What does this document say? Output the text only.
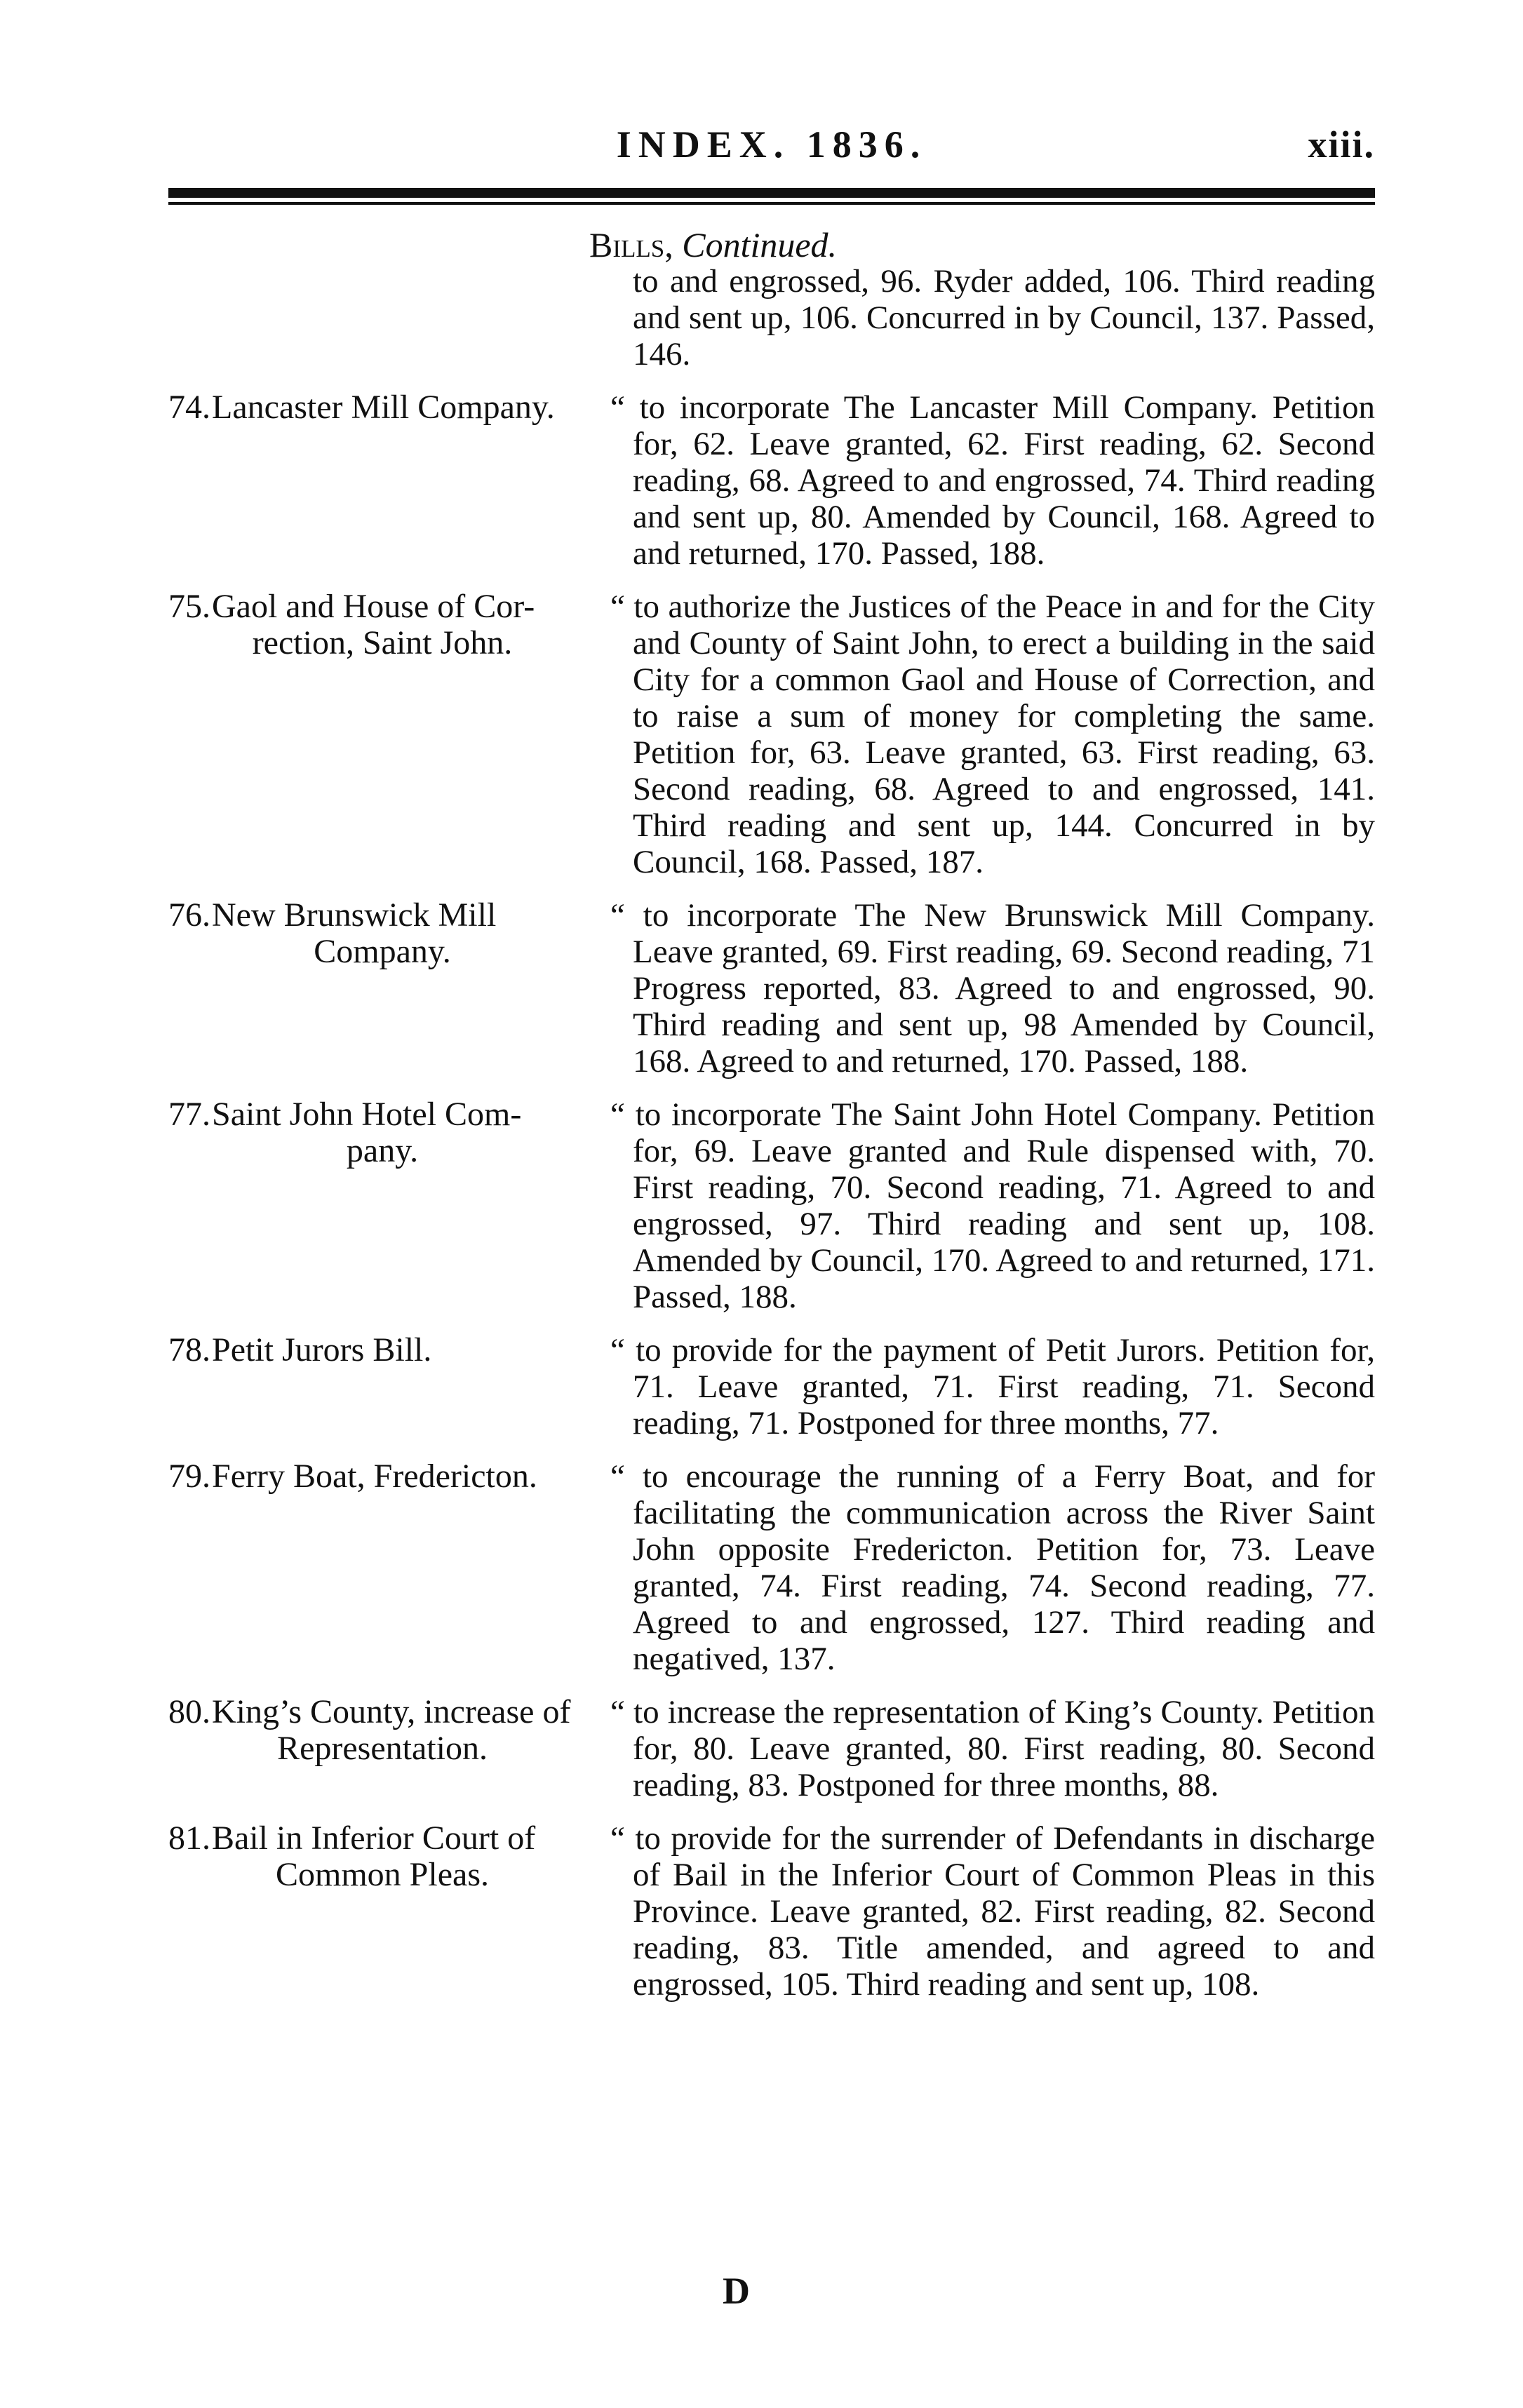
INDEX. 1836.	xiii.
Bills, Continued.
to and engrossed, 96. Ryder added, 106. Third reading and sent up, 106. Concurred in by Council, 137. Passed, 146.
74.Lancaster Mill Company.	“ to incorporate The Lancaster Mill Company. Petition for, 62. Leave granted, 62. First reading, 62. Second reading, 68. Agreed to and engrossed, 74. Third reading and sent up, 80. Amended by Council, 168. Agreed to and returned, 170. Passed, 188.
75.Gaol and House of Cor-
rection, Saint John.
“ to authorize the Justices of the Peace in and for the City and County of Saint John, to erect a building in the said City for a common Gaol and House of Correction, and to raise a sum of money for completing the same. Petition for, 63. Leave granted, 63. First reading, 63. Second reading, 68. Agreed to and engrossed, 141. Third reading and sent up, 144. Concurred in by Council, 168. Passed, 187.
76.New Brunswick Mill
Company.
“ to incorporate The New Brunswick Mill Company. Leave granted, 69. First reading, 69. Second reading, 71 Progress reported, 83. Agreed to and engrossed, 90. Third reading and sent up, 98 Amended by Council, 168. Agreed to and returned, 170. Passed, 188.
77.Saint John Hotel Com-
pany.
“ to incorporate The Saint John Hotel Company. Petition for, 69. Leave granted and Rule dispensed with, 70. First reading, 70. Second reading, 71. Agreed to and engrossed, 97. Third reading and sent up, 108. Amended by Council, 170. Agreed to and returned, 171. Passed, 188.
78.Petit Jurors Bill.	“ to provide for the payment of Petit Jurors. Petition for, 71. Leave granted, 71. First reading, 71. Second reading, 71. Postponed for three months, 77.
79.Ferry Boat, Fredericton.	“ to encourage the running of a Ferry Boat, and for facilitating the communication across the River Saint John opposite Fredericton. Petition for, 73. Leave granted, 74. First reading, 74. Second reading, 77. Agreed to and engrossed, 127. Third reading and negatived, 137.
80.King’s County, increase of
Representation.
“ to increase the representation of King’s County. Petition for, 80. Leave granted, 80. First reading, 80. Second reading, 83. Postponed for three months, 88.
81.Bail in Inferior Court of
Common Pleas.
“ to provide for the surrender of Defendants in discharge of Bail in the Inferior Court of Common Pleas in this Province. Leave granted, 82. First reading, 82. Second reading, 83. Title amended, and agreed to and engrossed, 105. Third reading and sent up, 108.
D
